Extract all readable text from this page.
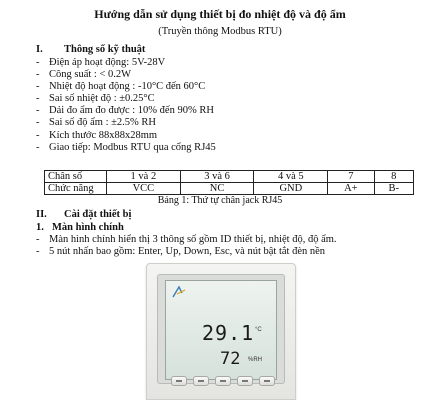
Hướng dẫn sử dụng thiết bị đo nhiệt độ và độ ẩm
(Truyền thông Modbus RTU)
I. Thông số kỹ thuật
- Điện áp hoạt động: 5V-28V
- Công suất : < 0.2W
- Nhiệt độ hoạt động : -10°C đến 60°C
- Sai số nhiệt độ : ±0.25°C
- Dải đo ẩm đo được : 10% đến 90% RH
- Sai số độ ẩm : ±2.5% RH
- Kích thước 88x88x28mm
- Giao tiếp: Modbus RTU qua cổng RJ45
Chân số	1 và 2	3 và 6	4 và 5	7	8
Chức năng	VCC	NC	GND	A+	B-
Bảng 1: Thứ tự chân jack RJ45
II. Cài đặt thiết bị
1. Màn hình chính
- Màn hình chính hiển thị 3 thông số gồm ID thiết bị, nhiệt độ, độ ẩm.
- 5 nút nhấn bao gồm: Enter, Up, Down, Esc, và nút bật tắt đèn nền
29.1 °C
72 %RH
